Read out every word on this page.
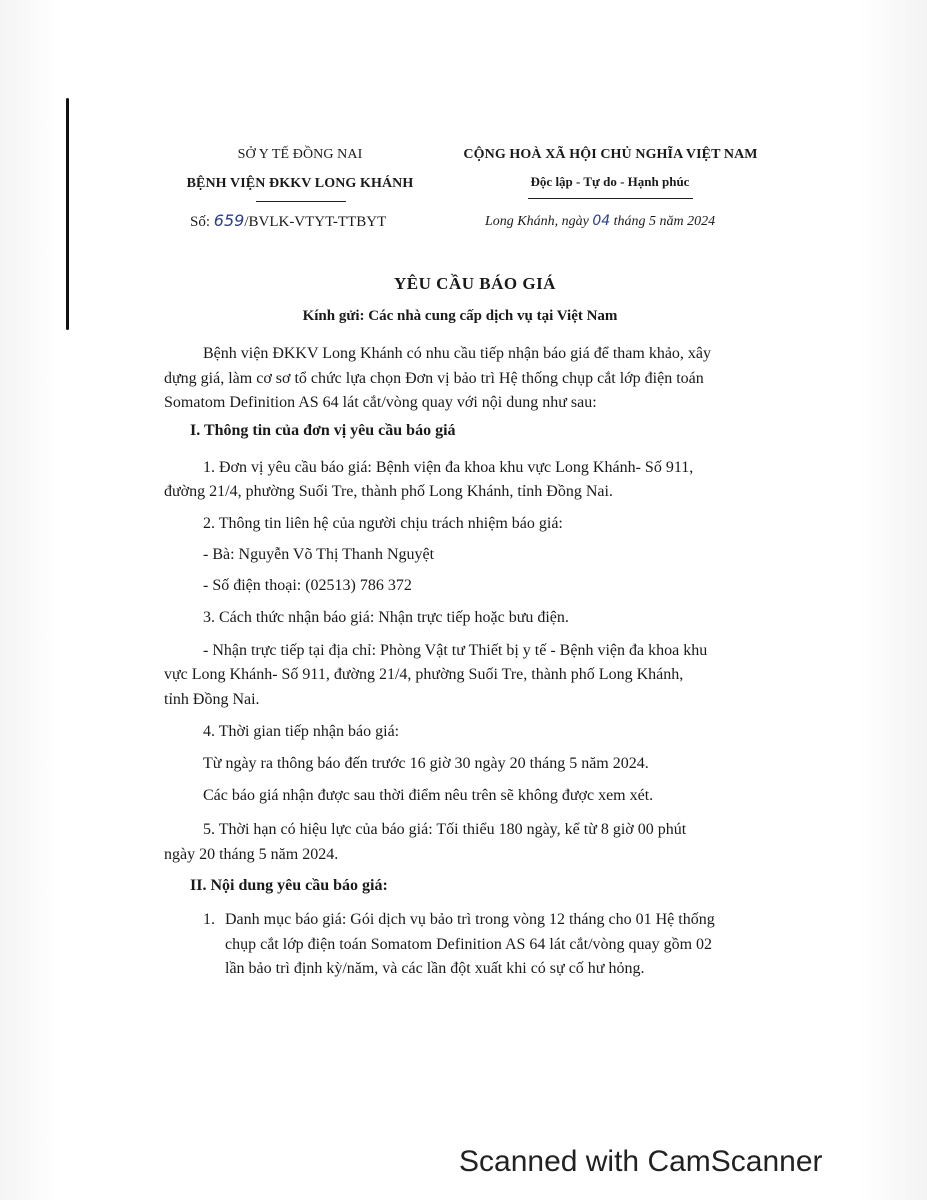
SỞ Y TẾ ĐỒNG NAI
BỆNH VIỆN ĐKKV LONG KHÁNH
Số: 659/BVLK-VTYT-TTBYT
CỘNG HOÀ XÃ HỘI CHỦ NGHĨA VIỆT NAM
Độc lập - Tự do - Hạnh phúc
Long Khánh, ngày 04 tháng 5 năm 2024
YÊU CẦU BÁO GIÁ
Kính gửi: Các nhà cung cấp dịch vụ tại Việt Nam
Bệnh viện ĐKKV Long Khánh có nhu cầu tiếp nhận báo giá để tham khảo, xây
dựng giá, làm cơ sơ tổ chức lựa chọn Đơn vị bảo trì Hệ thống chụp cắt lớp điện toán
Somatom Definition AS 64 lát cắt/vòng quay với nội dung như sau:
I. Thông tin của đơn vị yêu cầu báo giá
1. Đơn vị yêu cầu báo giá: Bệnh viện đa khoa khu vực Long Khánh- Số 911,
đường 21/4, phường Suối Tre, thành phố Long Khánh, tỉnh Đồng Nai.
2. Thông tin liên hệ của người chịu trách nhiệm báo giá:
- Bà: Nguyễn Võ Thị Thanh Nguyệt
- Số điện thoại: (02513) 786 372
3. Cách thức nhận báo giá: Nhận trực tiếp hoặc bưu điện.
- Nhận trực tiếp tại địa chỉ: Phòng Vật tư Thiết bị y tế - Bệnh viện đa khoa khu
vực Long Khánh- Số 911, đường 21/4, phường Suối Tre, thành phố Long Khánh,
tỉnh Đồng Nai.
4. Thời gian tiếp nhận báo giá:
Từ ngày ra thông báo đến trước 16 giờ 30 ngày 20 tháng 5 năm 2024.
Các báo giá nhận được sau thời điểm nêu trên sẽ không được xem xét.
5. Thời hạn có hiệu lực của báo giá: Tối thiểu 180 ngày, kể từ 8 giờ 00 phút
ngày 20 tháng 5 năm 2024.
II. Nội dung yêu cầu báo giá:
1. Danh mục báo giá: Gói dịch vụ bảo trì trong vòng 12 tháng cho 01 Hệ thống
chụp cắt lớp điện toán Somatom Definition AS 64 lát cắt/vòng quay gồm 02
lần bảo trì định kỳ/năm, và các lần đột xuất khi có sự cố hư hỏng.
Scanned with CamScanner
